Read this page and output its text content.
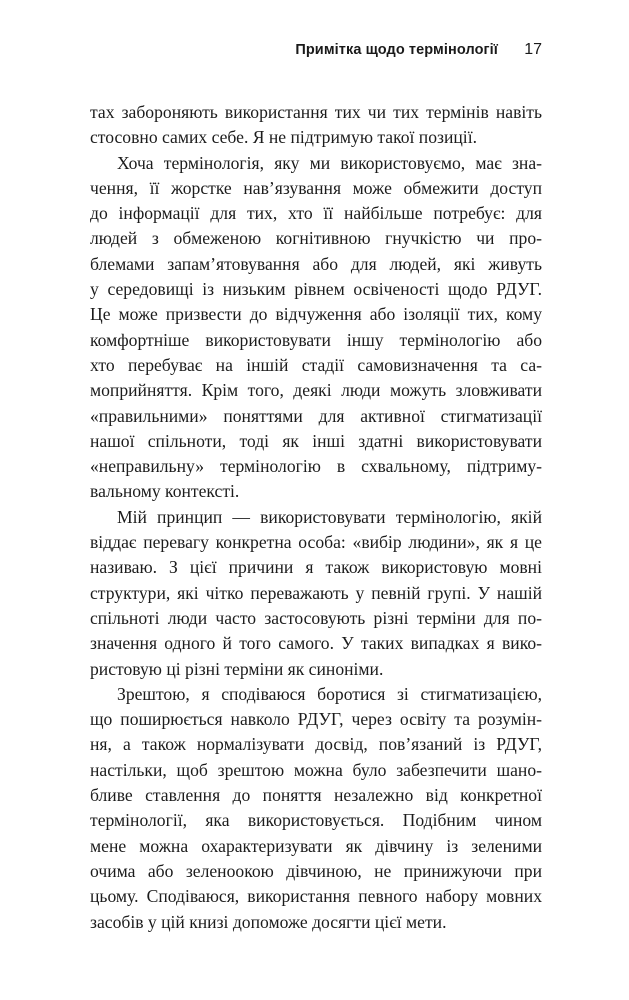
Примітка щодо термінології 17
тах забороняють використання тих чи тих термінів навіть
стосовно самих себе. Я не підтримую такої позиції.
Хоча термінологія, яку ми використовуємо, має зна-
чення, її жорстке нав’язування може обмежити доступ
до інформації для тих, хто її найбільше потребує: для
людей з обмеженою когнітивною гнучкістю чи про-
блемами запам’ятовування або для людей, які живуть
у середовищі із низьким рівнем освіченості щодо РДУГ.
Це може призвести до відчуження або ізоляції тих, кому
комфортніше використовувати іншу термінологію або
хто перебуває на іншій стадії самовизначення та са-
моприйняття. Крім того, деякі люди можуть зловживати
«правильними» поняттями для активної стигматизації
нашої спільноти, тоді як інші здатні використовувати
«неправильну» термінологію в схвальному, підтриму-
вальному контексті.
Мій принцип — використовувати термінологію, якій
віддає перевагу конкретна особа: «вибір людини», як я це
називаю. З цієї причини я також використовую мовні
структури, які чітко переважають у певній групі. У нашій
спільноті люди часто застосовують різні терміни для по-
значення одного й того самого. У таких випадках я вико-
ристовую ці різні терміни як синоніми.
Зрештою, я сподіваюся боротися зі стигматизацією,
що поширюється навколо РДУГ, через освіту та розумін-
ня, а також нормалізувати досвід, пов’язаний із РДУГ,
настільки, щоб зрештою можна було забезпечити шано-
бливе ставлення до поняття незалежно від конкретної
термінології, яка використовується. Подібним чином
мене можна охарактеризувати як дівчину із зеленими
очима або зеленоокою дівчиною, не принижуючи при
цьому. Сподіваюся, використання певного набору мовних
засобів у цій книзі допоможе досягти цієї мети.
